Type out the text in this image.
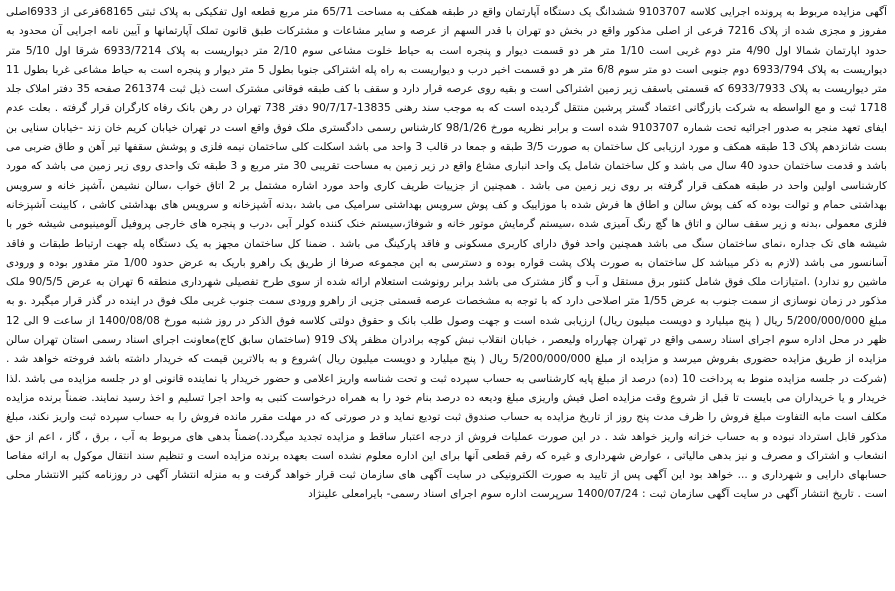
آگهی مزایده مربوط به پرونده اجرایی کلاسه 9103707 ششدانگ یک دستگاه آپارتمان واقع در طبقه همکف به مساحت 65/71 متر مربع قطعه اول تفکیکی به پلاک ثبتی 68165فرعی از 6933اصلی مفروز و مجزی شده از پلاک 7216 فرعی از اصلی مذکور واقع در بخش دو تهران با قدر السهم از عرصه و سایر مشاعات و مشترکات طبق قانون تملک آپارتمانها و آیین نامه اجرایی آن محدود به حدود اپارتمان شمالا اول 4/90 متر دوم غربی است 1/10 متر هر دو قسمت دیوار و پنجره است به حیاط خلوت مشاعی سوم 2/10 متر دیواریست به پلاک 6933/7214 شرقا اول 5/10 متر دیواریست به پلاک 6933/794 دوم جنوبی است دو متر سوم 6/8 متر هر دو قسمت اخیر درب و دیواریست به راه پله اشتراکی جنوبا بطول 5 متر دیوار و پنجره است به حیاط مشاعی غربا بطول 11 متر دیواریست به پلاک 6933/7933 که قسمتی باسقف زیر زمین اشتراکی است و بقیه روی عرصه قرار دارد و سقف با کف طبقه فوقانی مشترک است ذیل ثبت 261374 صفحه 35 دفتر املاک جلد 1718 ثبت و مع الواسطه به شرکت بازرگانی اعتماد گستر پرشین منتقل گردیده است که به موجب سند رهنی 13835-90/7/17 دفتر 738 تهران در رهن بانک رفاه کارگران قرار گرفته . بعلت عدم ایفای تعهد منجر به صدور اجرائیه تحت شماره 9103707 شده است و برابر نظریه مورخ 98/1/26 کارشناس رسمی دادگستری ملک فوق واقع است در تهران خیابان کریم خان زند -خیابان سنایی بن بست شانزدهم پلاک 13 طبقه همکف و مورد ارزیابی کل ساختمان به صورت 3/5 طبقه و جمعا در قالب 3 واحد می باشد اسکلت کلی ساختمان نیمه فلزی و پوشش سقفها تیر آهن و طاق ضربی می باشد و قدمت ساختمان حدود 40 سال می باشد و کل ساختمان شامل یک واحد انباری مشاع واقع در زیر زمین به مساحت تقریبی 30 متر مربع و 3 طبقه تک واحدی روی زیر زمین می باشد که مورد کارشناسی اولین واحد در طبقه همکف قرار گرفته بر روی زیر زمین می باشد . همچنین از جزییات طریف کاری واحد مورد اشاره مشتمل بر 2 اتاق خواب ،سالن نشیمن ،آشپز خانه و سرویس بهداشتی حمام و توالت بوده که کف پوش سالن و اطاق ها فرش شده با موزاییک و کف پوش سرویس بهداشتی سرامیک می باشد ،بدنه آشپزخانه و سرویس های بهداشتی کاشی ، کابینت آشپزخانه فلزی معمولی ،بدنه و زیر سقف سالن و اتاق ها گچ رنگ آمیزی شده ،سیستم گرمایش موتور خانه و شوفاژ،سیستم خنک کننده کولر آبی ،درب و پنجره های خارجی پروفیل آلومینیومی شیشه خور با شیشه های تک جداره ،نمای ساختمان سنگ می باشد همچنین واحد فوق دارای کاربری مسکونی و فاقد پارکینگ می باشد . ضمنا کل ساختمان مجهز به یک دستگاه پله جهت ارتباط طبقات و فاقد آسانسور می باشد (لازم به ذکر میباشد کل ساختمان به صورت پلاک پشت قواره بوده و دسترسی به این مجموعه صرفا از طریق یک راهرو باریک به عرض حدود 1/00 متر مقدور بوده و ورودی ماشین رو ندارد) .امتیازات ملک فوق شامل کنتور برق مستقل و آب و گاز مشترک می باشد برابر رونوشت استعلام ارائه شده از سوی طرح تفصیلی شهرداری منطقه 6 تهران به عرض 90/5/5 ملک مذکور در زمان نوسازی از سمت جنوب به عرض 1/55 متر اصلاحی دارد که با توجه به مشخصات عرصه قسمتی جزیی از راهرو ورودی سمت جنوب غربی ملک فوق در اینده در گذر قرار میگیرد .و به مبلغ 5/200/000/000 ریال ( پنج میلیارد و دویست میلیون ریال) ارزیابی شده است و جهت وصول طلب بانک و حقوق دولتی کلاسه فوق الذکر در روز شنبه مورخ 1400/08/08 از ساعت 9 الی 12 ظهر در محل اداره سوم اجرای اسناد رسمی واقع در تهران چهارراه ولیعصر ، خیابان انقلاب نبش کوچه برادران مظفر پلاک 919 (ساختمان سابق کاج)معاونت اجرای اسناد رسمی استان تهران سالن مزایده از طریق مزایده حضوری بفروش میرسد و مزایده از مبلغ 5/200/000/000 ریال ( پنج میلیارد و دویست میلیون ریال )شروع و به بالاترین قیمت که خریدار داشته باشد فروخته خواهد شد . (شرکت در جلسه مزایده منوط به پرداخت 10 (ده) درصد از مبلغ پایه کارشناسی به حساب سپرده ثبت و تحت شناسه واریز اعلامی و حضور خریدار یا نماینده قانونی او در جلسه مزایده می باشد .لذا خریدار و یا خریداران می بایست تا قبل از شروع وقت مزایده اصل فیش واریزی مبلغ ودیعه ده درصد بنام خود را به همراه درخواست کتبی به واحد اجرا تسلیم و اخذ رسید نمایند. ضمناً برنده مزایده مکلف است مابه التفاوت مبلغ فروش را ظرف مدت پنج روز از تاریخ مزایده به حساب صندوق ثبت تودیع نماید و در صورتی که در مهلت مقرر مانده فروش را به حساب سپرده ثبت واریز نکند، مبلغ مذکور قابل استرداد نبوده و به حساب خزانه واریز خواهد شد . در این صورت عملیات فروش از درجه اعتبار ساقط و مزایده تجدید میگردد.)ضمناً بدهی های مربوط به آب ، برق ، گاز ، اعم از حق انشعاب و اشتراک و مصرف و نیز بدهی مالیاتی ، عوارض شهرداری و غیره که رقم قطعی آنها برای این اداره معلوم نشده است بعهده برنده مزایده است و تنظیم سند انتقال موکول به ارائه مفاصا حسابهای دارایی و شهرداری و ... خواهد بود این آگهی پس از تایید به صورت الکترونیکی در سایت آگهی های سازمان ثبت قرار خواهد گرفت و به منزله انتشار آگهی در روزنامه کثیر الانتشار محلی است . تاریخ انتشار آگهی در سایت آگهی سازمان ثبت : 1400/07/24 سرپرست اداره سوم اجرای اسناد رسمی- بایرامعلی علینژاد
